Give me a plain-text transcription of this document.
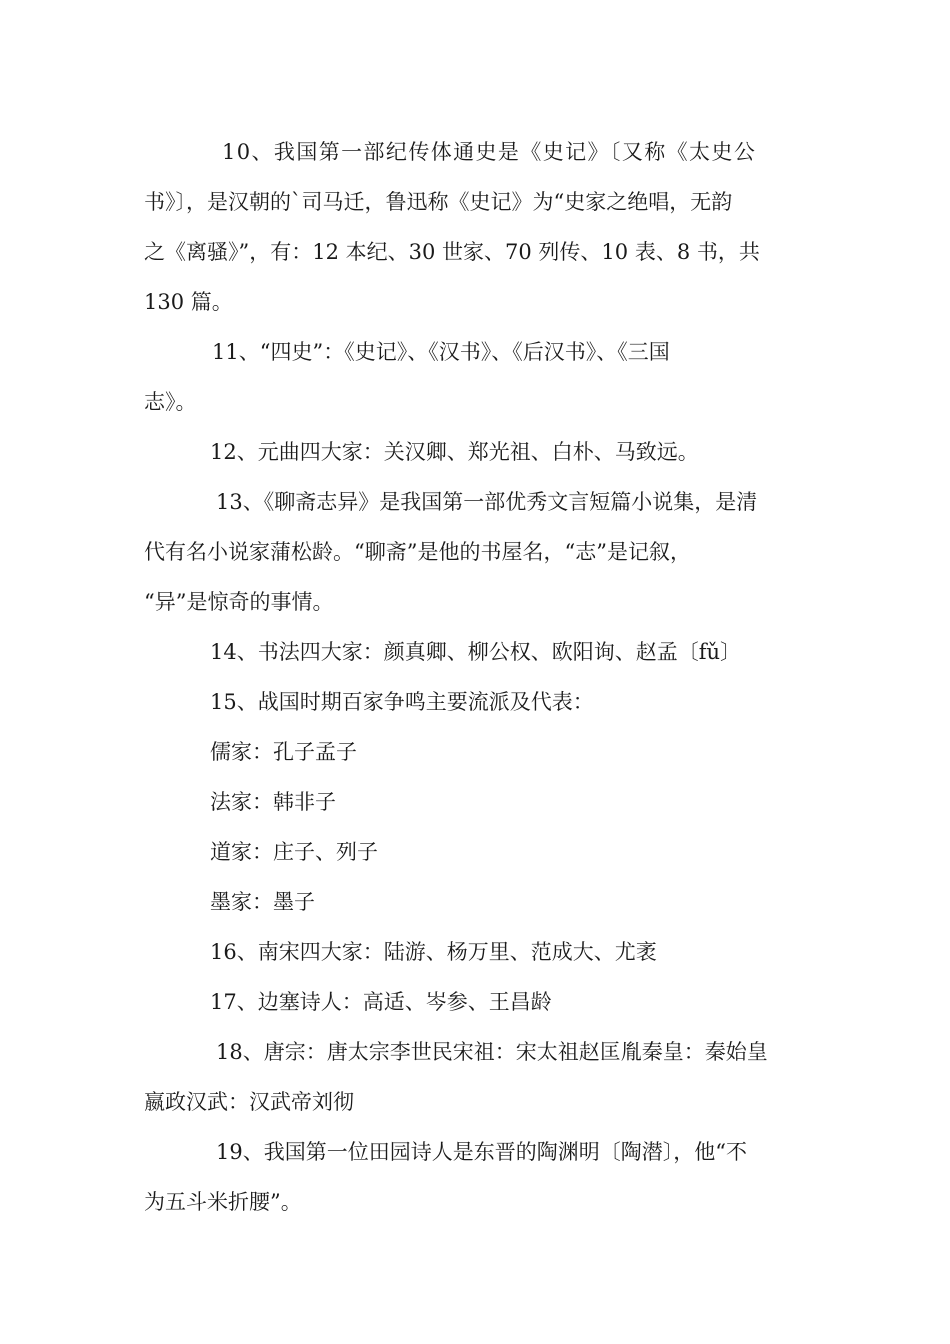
10、我国第一部纪传体通史是《史记》〔又称《太史公
书》〕，是汉朝的`司马迁，鲁迅称《史记》为“史家之绝唱，无韵
之《离骚》”，有：12 本纪、30 世家、70 列传、10 表、8 书，共
130 篇。
11、“四史”：《史记》、《汉书》、《后汉书》、《三国
志》。
12、元曲四大家：关汉卿、郑光祖、白朴、马致远。
13、《聊斋志异》是我国第一部优秀文言短篇小说集，是清
代有名小说家蒲松龄。“聊斋”是他的书屋名，“志”是记叙，
“异”是惊奇的事情。
14、书法四大家：颜真卿、柳公权、欧阳询、赵孟〔fǔ〕
15、战国时期百家争鸣主要流派及代表：
儒家：孔子孟子
法家：韩非子
道家：庄子、列子
墨家：墨子
16、南宋四大家：陆游、杨万里、范成大、尤袤
17、边塞诗人：高适、岑参、王昌龄
18、唐宗：唐太宗李世民宋祖：宋太祖赵匡胤秦皇：秦始皇
嬴政汉武：汉武帝刘彻
19、我国第一位田园诗人是东晋的陶渊明〔陶潜〕，他“不
为五斗米折腰”。
